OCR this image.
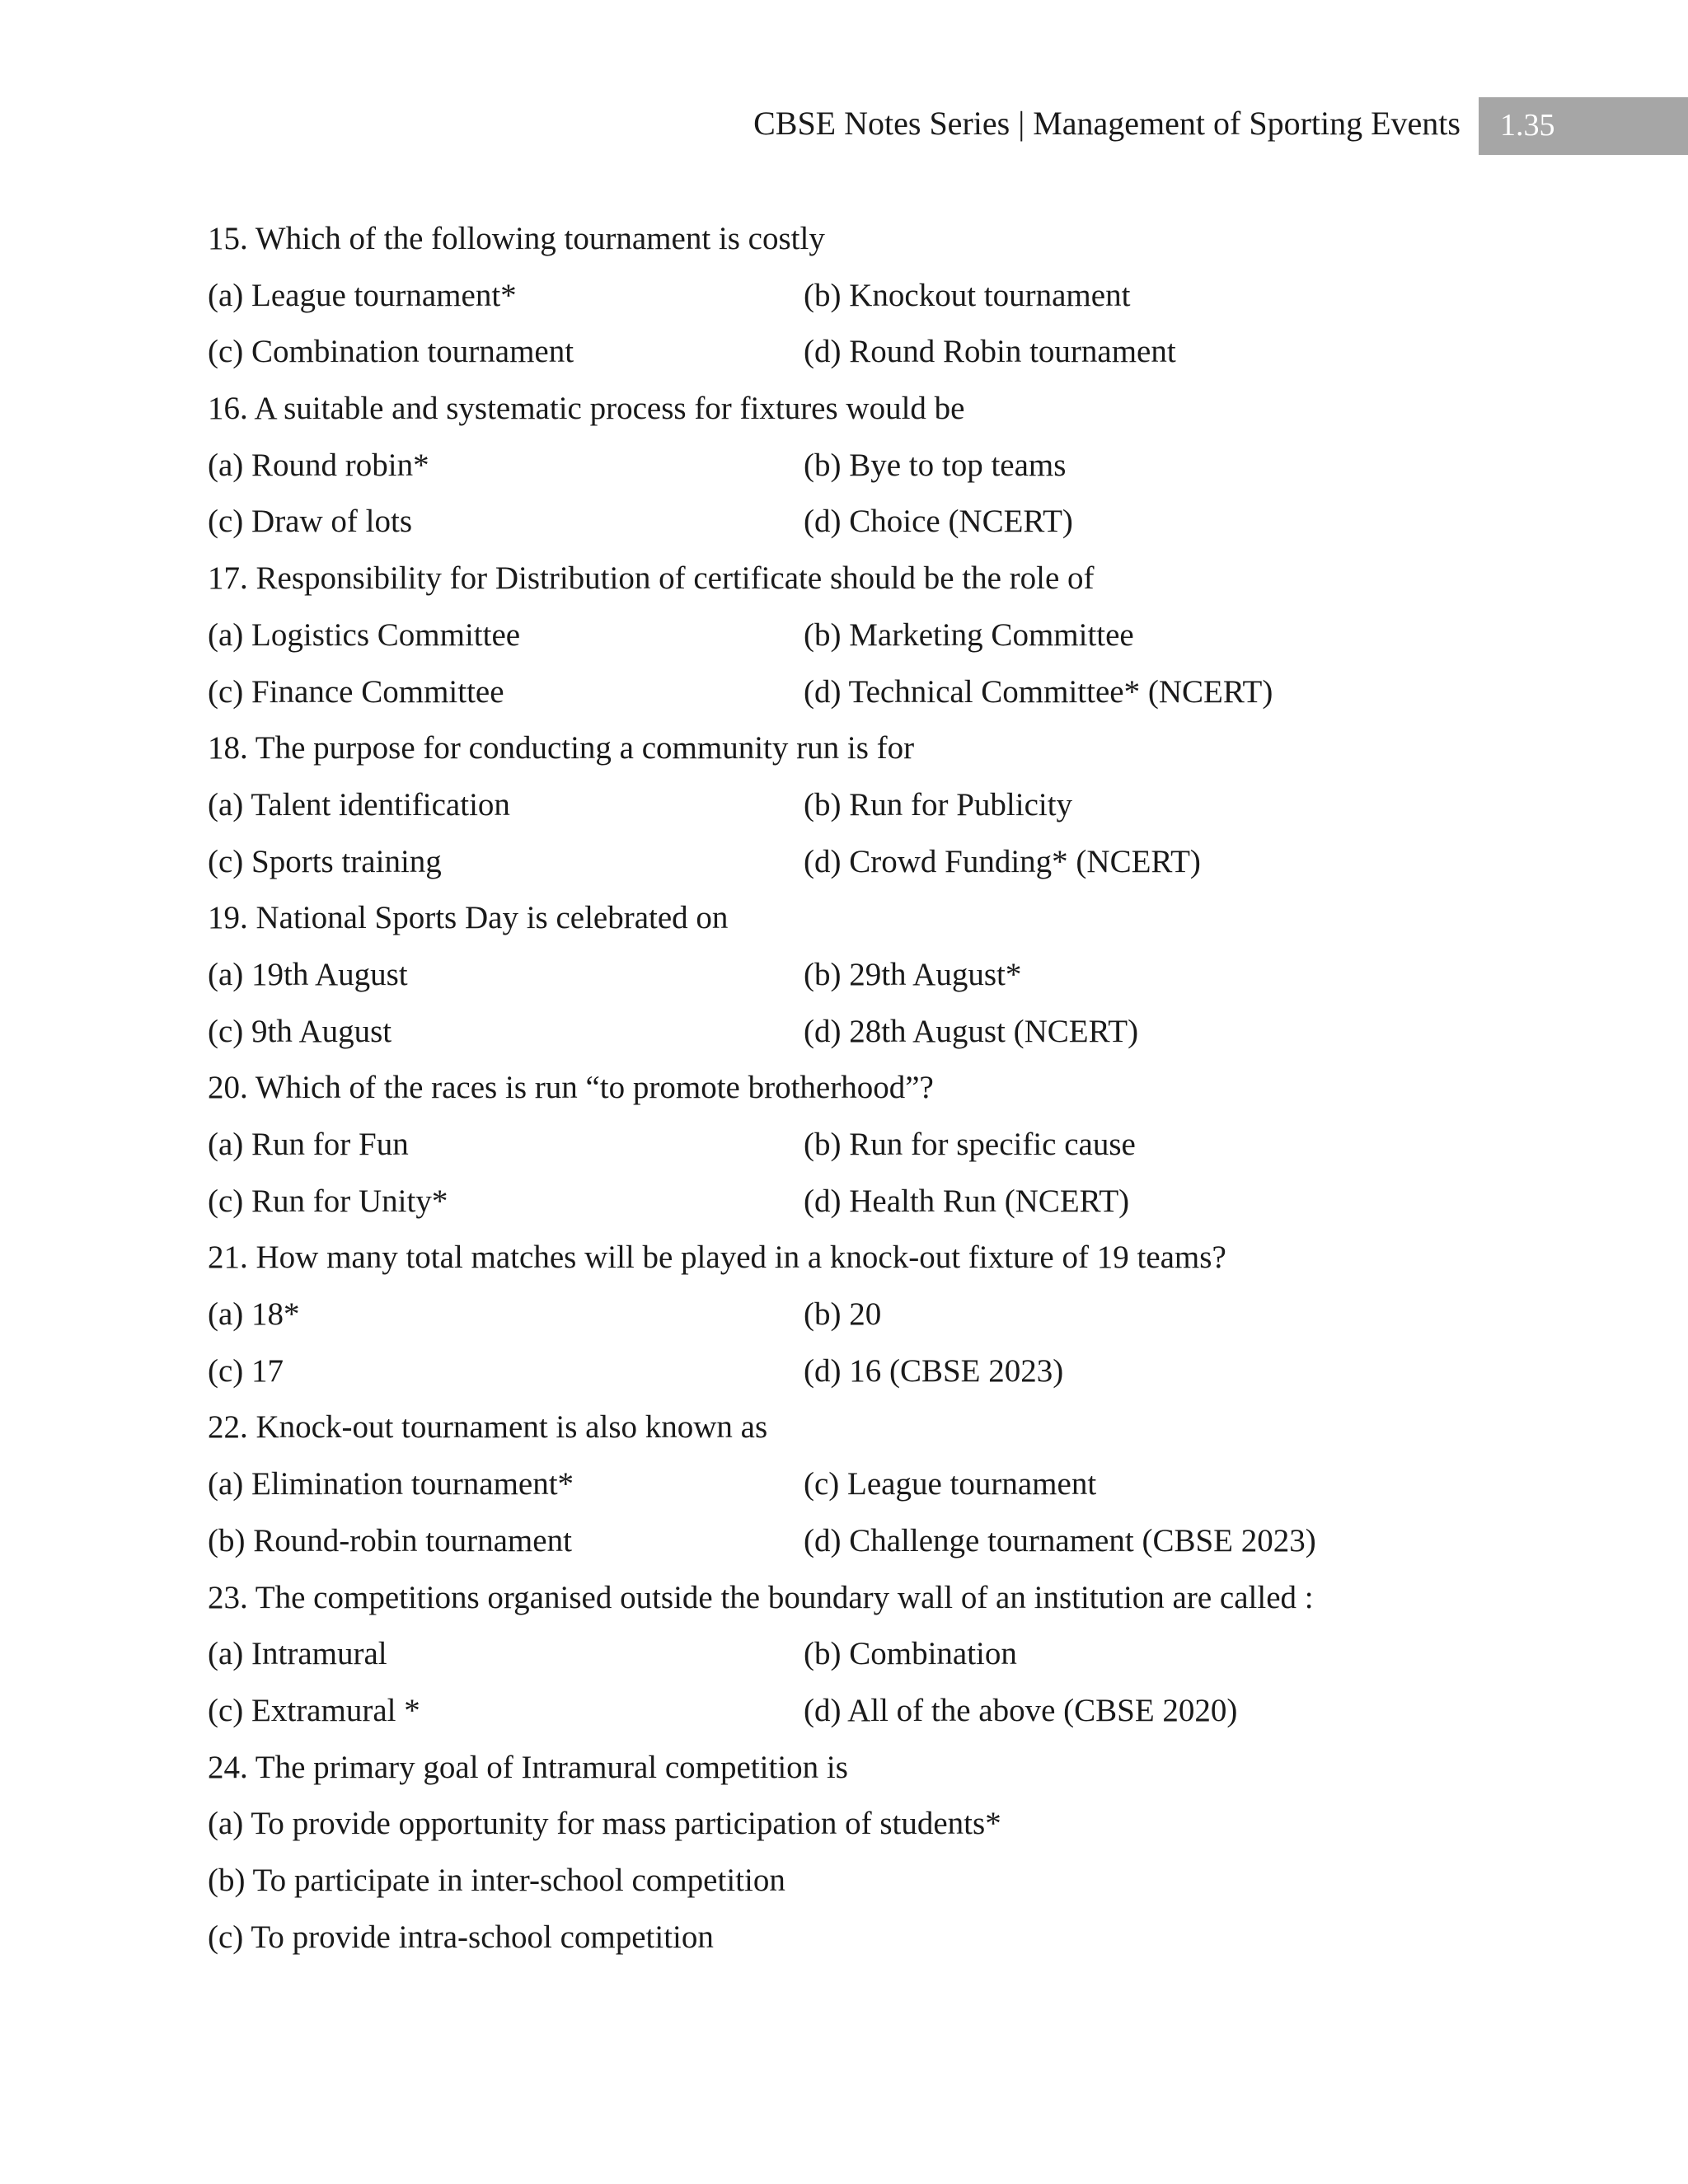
CBSE Notes Series | Management of Sporting Events 1.35
15. Which of the following tournament is costly
(a) League tournament*	(b) Knockout tournament
(c) Combination tournament	(d) Round Robin tournament
16. A suitable and systematic process for fixtures would be
(a) Round robin*	(b) Bye to top teams
(c) Draw of lots	(d) Choice (NCERT)
17. Responsibility for Distribution of certificate should be the role of
(a) Logistics Committee	(b) Marketing Committee
(c) Finance Committee	(d) Technical Committee* (NCERT)
18. The purpose for conducting a community run is for
(a) Talent identification	(b) Run for Publicity
(c) Sports training	(d) Crowd Funding* (NCERT)
19. National Sports Day is celebrated on
(a) 19th August	(b) 29th August*
(c) 9th August	(d) 28th August (NCERT)
20. Which of the races is run “to promote brotherhood”?
(a) Run for Fun	(b) Run for specific cause
(c) Run for Unity*	(d) Health Run (NCERT)
21. How many total matches will be played in a knock-out fixture of 19 teams?
(a) 18*	(b) 20
(c) 17	(d) 16 (CBSE 2023)
22. Knock-out tournament is also known as
(a) Elimination tournament*	(c) League tournament
(b) Round-robin tournament	(d) Challenge tournament (CBSE 2023)
23. The competitions organised outside the boundary wall of an institution are called :
(a) Intramural	(b) Combination
(c) Extramural *	(d) All of the above (CBSE 2020)
24. The primary goal of Intramural competition is
(a) To provide opportunity for mass participation of students*
(b) To participate in inter-school competition
(c) To provide intra-school competition
